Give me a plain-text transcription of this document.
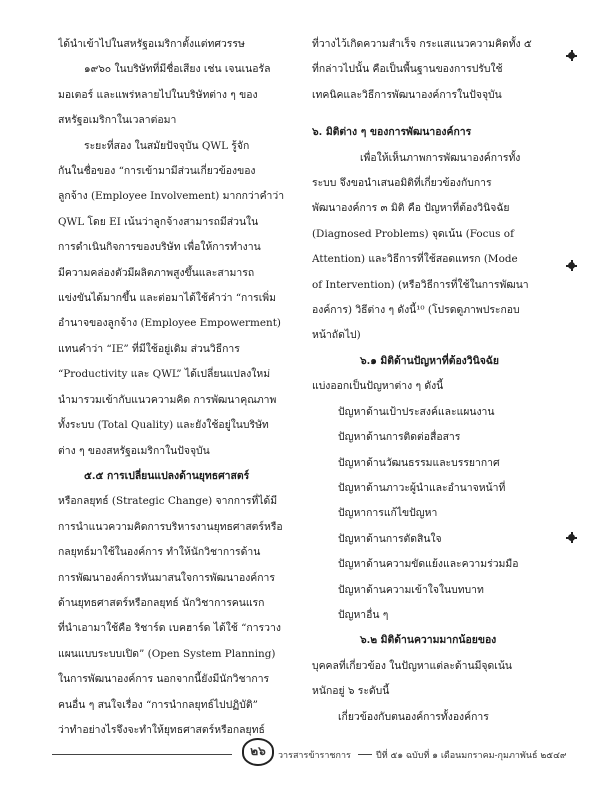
ได้นำเข้าไปในสหรัฐอเมริกาตั้งแต่ทศวรรษ
๑๙๖๐ ในบริษัทที่มีชื่อเสียง เช่น เจนเนอรัล
มอเตอร์ และแพร่หลายไปในบริษัทต่าง ๆ ของ
สหรัฐอเมริกาในเวลาต่อมา
ระยะที่สอง ในสมัยปัจจุบัน QWL รู้จัก
กันในชื่อของ “การเข้ามามีส่วนเกี่ยวข้องของ
ลูกจ้าง (Employee Involvement) มากกว่าคำว่า
QWL โดย EI เน้นว่าลูกจ้างสามารถมีส่วนใน
การดำเนินกิจการของบริษัท เพื่อให้การทำงาน
มีความคล่องตัวมีผลิตภาพสูงขึ้นและสามารถ
แข่งขันได้มากขึ้น และต่อมาได้ใช้คำว่า “การเพิ่ม
อำนาจของลูกจ้าง (Employee Empowerment)
แทนคำว่า “IE” ที่มีใช้อยู่เดิม ส่วนวิธีการ
“Productivity และ QWL” ได้เปลี่ยนแปลงใหม่
นำมารวมเข้ากับแนวความคิด การพัฒนาคุณภาพ
ทั้งระบบ (Total Quality) และยังใช้อยู่ในบริษัท
ต่าง ๆ ของสหรัฐอเมริกาในปัจจุบัน
๕.๕ การเปลี่ยนแปลงด้านยุทธศาสตร์
หรือกลยุทธ์ (Strategic Change) จากการที่ได้มี
การนำแนวความคิดการบริหารงานยุทธศาสตร์หรือ
กลยุทธ์มาใช้ในองค์การ ทำให้นักวิชาการด้าน
การพัฒนาองค์การหันมาสนใจการพัฒนาองค์การ
ด้านยุทธศาสตร์หรือกลยุทธ์ นักวิชาการคนแรก
ที่นำเอามาใช้คือ ริชาร์ด เบคฮาร์ด ได้ใช้ “การวาง
แผนแบบระบบเปิด” (Open System Planning)
ในการพัฒนาองค์การ นอกจากนี้ยังมีนักวิชาการ
คนอื่น ๆ สนใจเรื่อง “การนำกลยุทธ์ไปปฏิบัติ”
ว่าทำอย่างไรจึงจะทำให้ยุทธศาสตร์หรือกลยุทธ์
ที่วางไว้เกิดความสำเร็จ กระแสแนวความคิดทั้ง ๕
ที่กล่าวไปนั้น คือเป็นพื้นฐานของการปรับใช้
เทคนิคและวิธีการพัฒนาองค์การในปัจจุบัน
๖. มิติต่าง ๆ ของการพัฒนาองค์การ
เพื่อให้เห็นภาพการพัฒนาองค์การทั้ง
ระบบ จึงขอนำเสนอมิติที่เกี่ยวข้องกับการ
พัฒนาองค์การ ๓ มิติ คือ ปัญหาที่ต้องวินิจฉัย
(Diagnosed Problems) จุดเน้น (Focus of
Attention) และวิธีการที่ใช้สอดแทรก (Mode
of Intervention) (หรือวิธีการที่ใช้ในการพัฒนา
องค์การ) วิธีต่าง ๆ ดังนี้¹⁰ (โปรดดูภาพประกอบ
หน้าถัดไป)
๖.๑ มิติด้านปัญหาที่ต้องวินิจฉัย
แบ่งออกเป็นปัญหาต่าง ๆ ดังนี้
ปัญหาด้านเป้าประสงค์และแผนงาน
ปัญหาด้านการติดต่อสื่อสาร
ปัญหาด้านวัฒนธรรมและบรรยากาศ
ปัญหาด้านภาวะผู้นำและอำนาจหน้าที่
ปัญหาการแก้ไขปัญหา
ปัญหาด้านการตัดสินใจ
ปัญหาด้านความขัดแย้งและความร่วมมือ
ปัญหาด้านความเข้าใจในบทบาท
ปัญหาอื่น ๆ
๖.๒ มิติด้านความมากน้อยของ
บุคคลที่เกี่ยวข้อง ในปัญหาแต่ละด้านมีจุดเน้น
หนักอยู่ ๖ ระดับนี้
เกี่ยวข้องกับตนองค์การทั้งองค์การ
๒๖	วารสารข้าราชการ	ปีที่ ๕๑ ฉบับที่ ๑ เดือนมกราคม-กุมภาพันธ์ ๒๕๔๙
